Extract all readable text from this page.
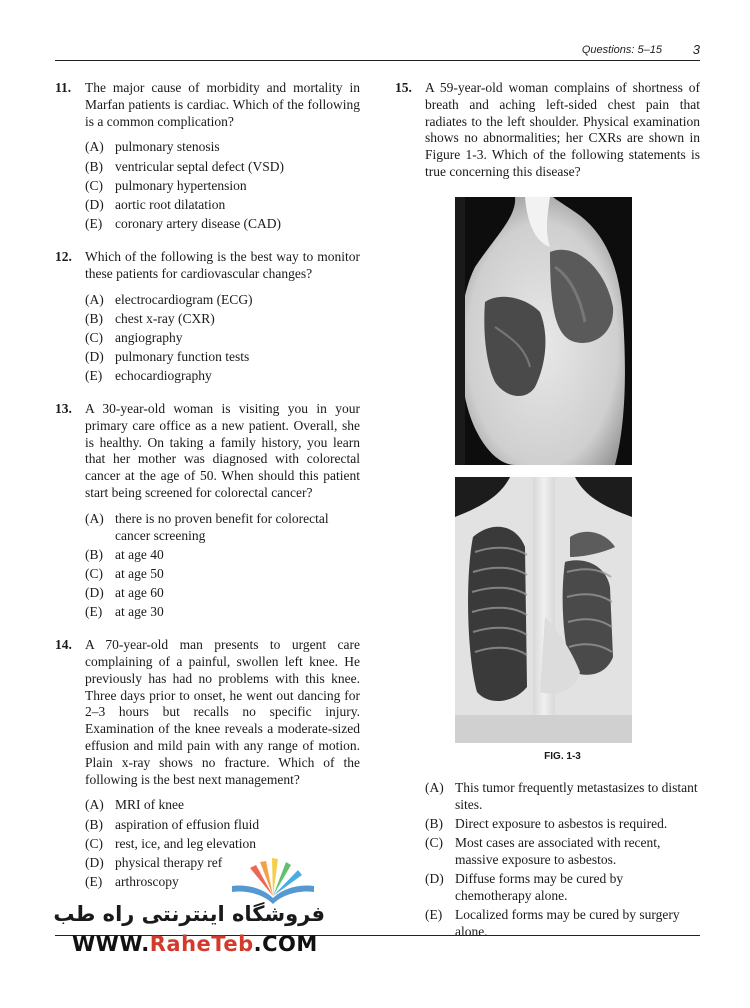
Questions: 5–15 3
11. The major cause of morbidity and mortality in Marfan patients is cardiac. Which of the following is a common complication?
(A) pulmonary stenosis
(B) ventricular septal defect (VSD)
(C) pulmonary hypertension
(D) aortic root dilatation
(E) coronary artery disease (CAD)
12. Which of the following is the best way to monitor these patients for cardiovascular changes?
(A) electrocardiogram (ECG)
(B) chest x-ray (CXR)
(C) angiography
(D) pulmonary function tests
(E) echocardiography
13. A 30-year-old woman is visiting you in your primary care office as a new patient. Overall, she is healthy. On taking a family history, you learn that her mother was diagnosed with colorectal cancer at the age of 50. When should this patient start being screened for colorectal cancer?
(A) there is no proven benefit for colorectal cancer screening
(B) at age 40
(C) at age 50
(D) at age 60
(E) at age 30
14. A 70-year-old man presents to urgent care complaining of a painful, swollen left knee. He previously has had no problems with this knee. Three days prior to onset, he went out dancing for 2–3 hours but recalls no specific injury. Examination of the knee reveals a moderate-sized effusion and mild pain with any range of motion. Plain x-ray shows no fracture. Which of the following is the best next management?
(A) MRI of knee
(B) aspiration of effusion fluid
(C) rest, ice, and leg elevation
(D) physical therapy ref
(E) arthroscopy
15. A 59-year-old woman complains of shortness of breath and aching left-sided chest pain that radiates to the left shoulder. Physical examination shows no abnormalities; her CXRs are shown in Figure 1-3. Which of the following statements is true concerning this disease?
FIG. 1-3
(A) This tumor frequently metastasizes to distant sites.
(B) Direct exposure to asbestos is required.
(C) Most cases are associated with recent, massive exposure to asbestos.
(D) Diffuse forms may be cured by chemotherapy alone.
(E) Localized forms may be cured by surgery alone.
فروشگاه اینترنتی راه طب
WWW.RaheTeb.COM
